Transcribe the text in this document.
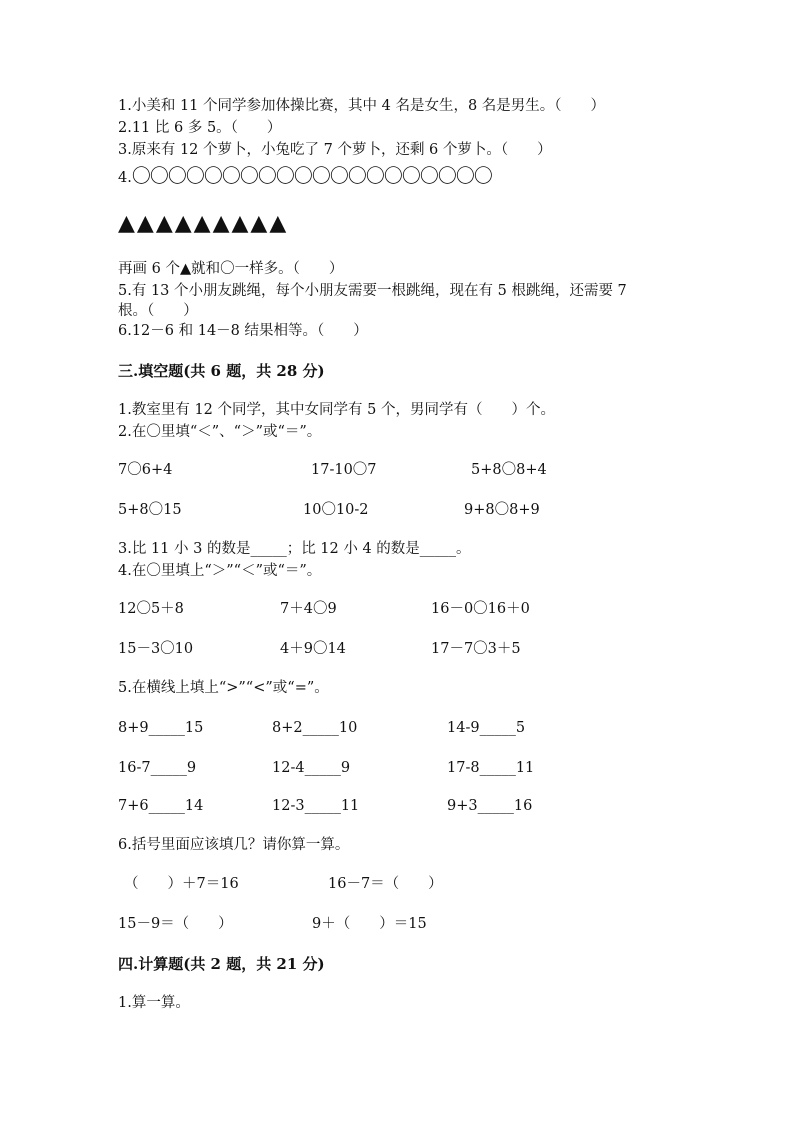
1.小美和 11 个同学参加体操比赛，其中 4 名是女生，8 名是男生。（　　）
2.11 比 6 多 5。（　　）
3.原来有 12 个萝卜，小兔吃了 7 个萝卜，还剩 6 个萝卜。（　　）
4.〇〇〇〇〇〇〇〇〇〇〇〇〇〇〇〇〇〇〇〇
▲▲▲▲▲▲▲▲▲
再画 6 个▲就和〇一样多。（　　）
5.有 13 个小朋友跳绳，每个小朋友需要一根跳绳，现在有 5 根跳绳，还需要 7
根。（　　）
6.12－6 和 14－8 结果相等。（　　）
三.填空题(共 6 题，共 28 分)
1.教室里有 12 个同学，其中女同学有 5 个，男同学有（　　）个。
2.在〇里填“＜”、“＞”或“＝”。
7〇6+4	17-10〇7	5+8〇8+4
5+8〇15	10〇10-2	9+8〇8+9
3.比 11 小 3 的数是_____；比 12 小 4 的数是_____。
4.在〇里填上“＞”“＜”或“＝”。
12〇5＋8	7＋4〇9	16－0〇16＋0
15－3〇10	4＋9〇14	17－7〇3＋5
5.在横线上填上“>”“<”或“=”。
8+9_____15	8+2_____10	14-9_____5
16-7_____9	12-4_____9	17-8_____11
7+6_____14	12-3_____11	9+3_____16
6.括号里面应该填几？请你算一算。
（　　）＋7＝16	16－7＝（　　）
15－9＝（　　）	9＋（　　）＝15
四.计算题(共 2 题，共 21 分)
1.算一算。
